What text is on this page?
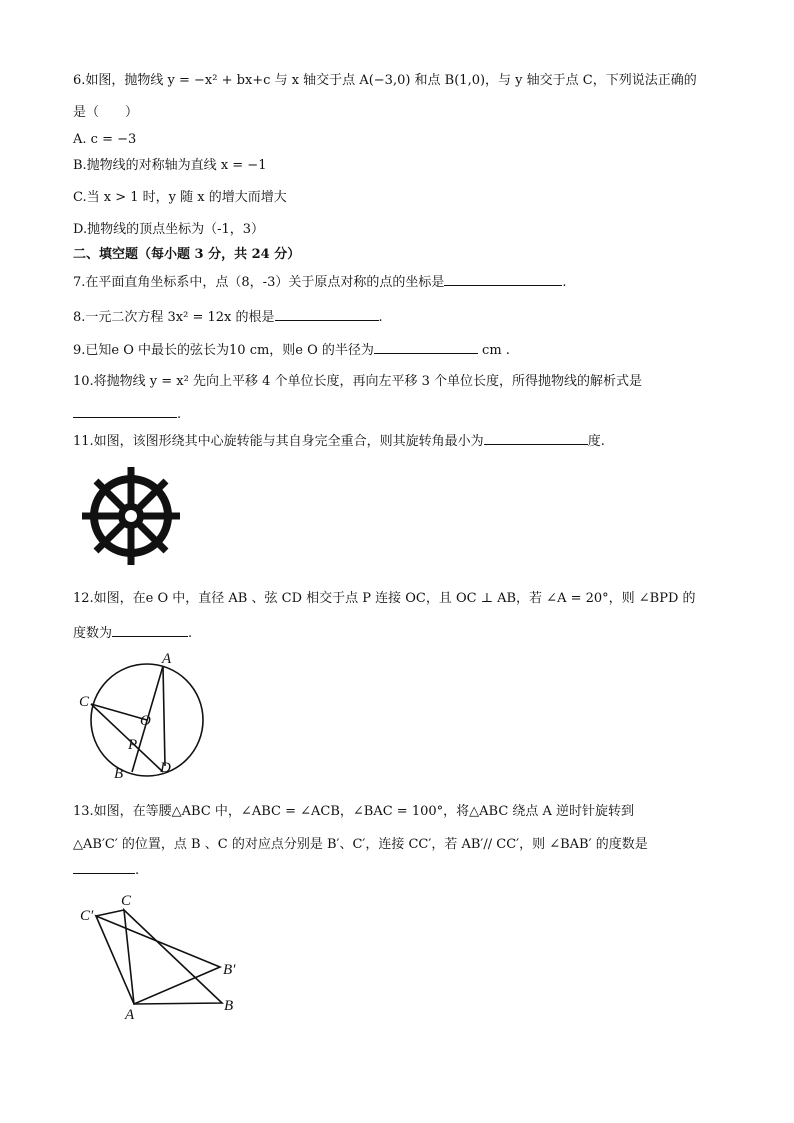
6.如图，抛物线 y = −x² + bx+c 与 x 轴交于点 A(−3,0) 和点 B(1,0)，与 y 轴交于点 C，下列说法正确的
是（　　）
A. c = −3
B.抛物线的对称轴为直线 x = −1
C.当 x > 1 时，y 随 x 的增大而增大
D.抛物线的顶点坐标为（-1，3）
二、填空题（每小题 3 分，共 24 分）
7.在平面直角坐标系中，点（8，-3）关于原点对称的点的坐标是	.
8.一元二次方程 3x² = 12x 的根是	.
9.已知e O 中最长的弦长为10 cm，则e O 的半径为	cm .
10.将抛物线 y = x² 先向上平移 4 个单位长度，再向左平移 3 个单位长度，所得抛物线的解析式是
.
11.如图，该图形绕其中心旋转能与其自身完全重合，则其旋转角最小为	度.
12.如图，在e O 中，直径 AB 、弦 CD 相交于点 P 连接 OC，且 OC ⊥ AB，若 ∠A = 20°，则 ∠BPD 的
度数为	.
A
C
O
P
B D
13.如图，在等腰△ABC 中，∠ABC = ∠ACB，∠BAC = 100°，将△ABC 绕点 A 逆时针旋转到
△AB′C′ 的位置，点 B 、C 的对应点分别是 B′、C′，连接 CC′，若 AB′// CC′，则 ∠BAB′ 的度数是
.
C′
C
B′
A
B
